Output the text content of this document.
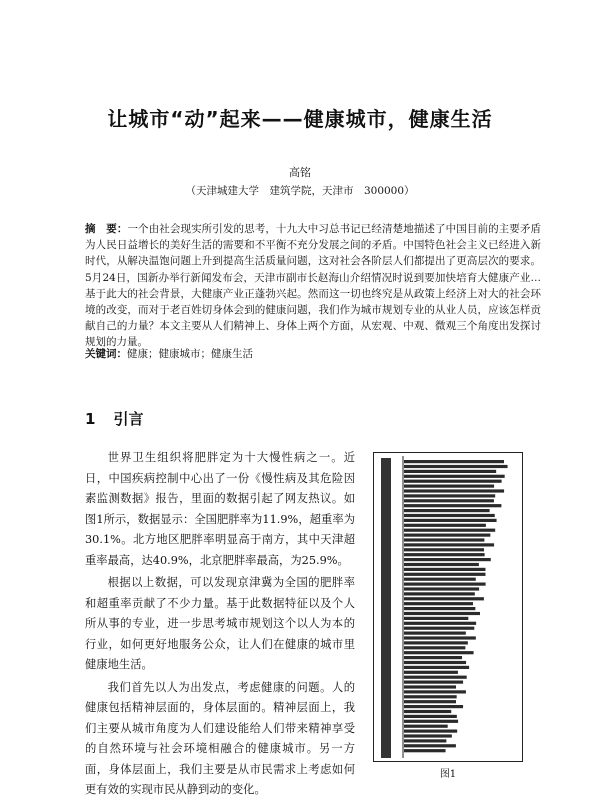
让城市“动”起来——健康城市，健康生活

高铭

（天津城建大学　建筑学院，天津市　300000）

摘　要：一个由社会现实所引发的思考，十九大中习总书记已经清楚地描述了中国目前的主要矛盾为人民日益增长的美好生活的需要和不平衡不充分发展之间的矛盾。中国特色社会主义已经进入新时代，从解决温饱问题上升到提高生活质量问题，这对社会各阶层人们都提出了更高层次的要求。5月24日，国新办举行新闻发布会，天津市副市长赵海山介绍情况时说到要加快培育大健康产业…基于此大的社会背景，大健康产业正蓬勃兴起。然而这一切也终究是从政策上经济上对大的社会环境的改变，而对于老百姓切身体会到的健康问题，我们作为城市规划专业的从业人员，应该怎样贡献自己的力量？本文主要从人们精神上、身体上两个方面，从宏观、中观、微观三个角度出发探讨规划的力量。

关键词：健康；健康城市；健康生活

1 引言

世界卫生组织将肥胖定为十大慢性病之一。近日，中国疾病控制中心出了一份《慢性病及其危险因素监测数据》报告，里面的数据引起了网友热议。如图1所示，数据显示：全国肥胖率为11.9%，超重率为30.1%。北方地区肥胖率明显高于南方，其中天津超重率最高，达40.9%，北京肥胖率最高，为25.9%。

根据以上数据，可以发现京津冀为全国的肥胖率和超重率贡献了不少力量。基于此数据特征以及个人所从事的专业，进一步思考城市规划这个以人为本的行业，如何更好地服务公众，让人们在健康的城市里健康地生活。

我们首先以人为出发点，考虑健康的问题。人的健康包括精神层面的，身体层面的。精神层面上，我们主要从城市角度为人们建设能给人们带来精神享受的自然环境与社会环境相融合的健康城市。另一方面，身体层面上，我们主要是从市民需求上考虑如何更有效的实现市民从静到动的变化。

图1
